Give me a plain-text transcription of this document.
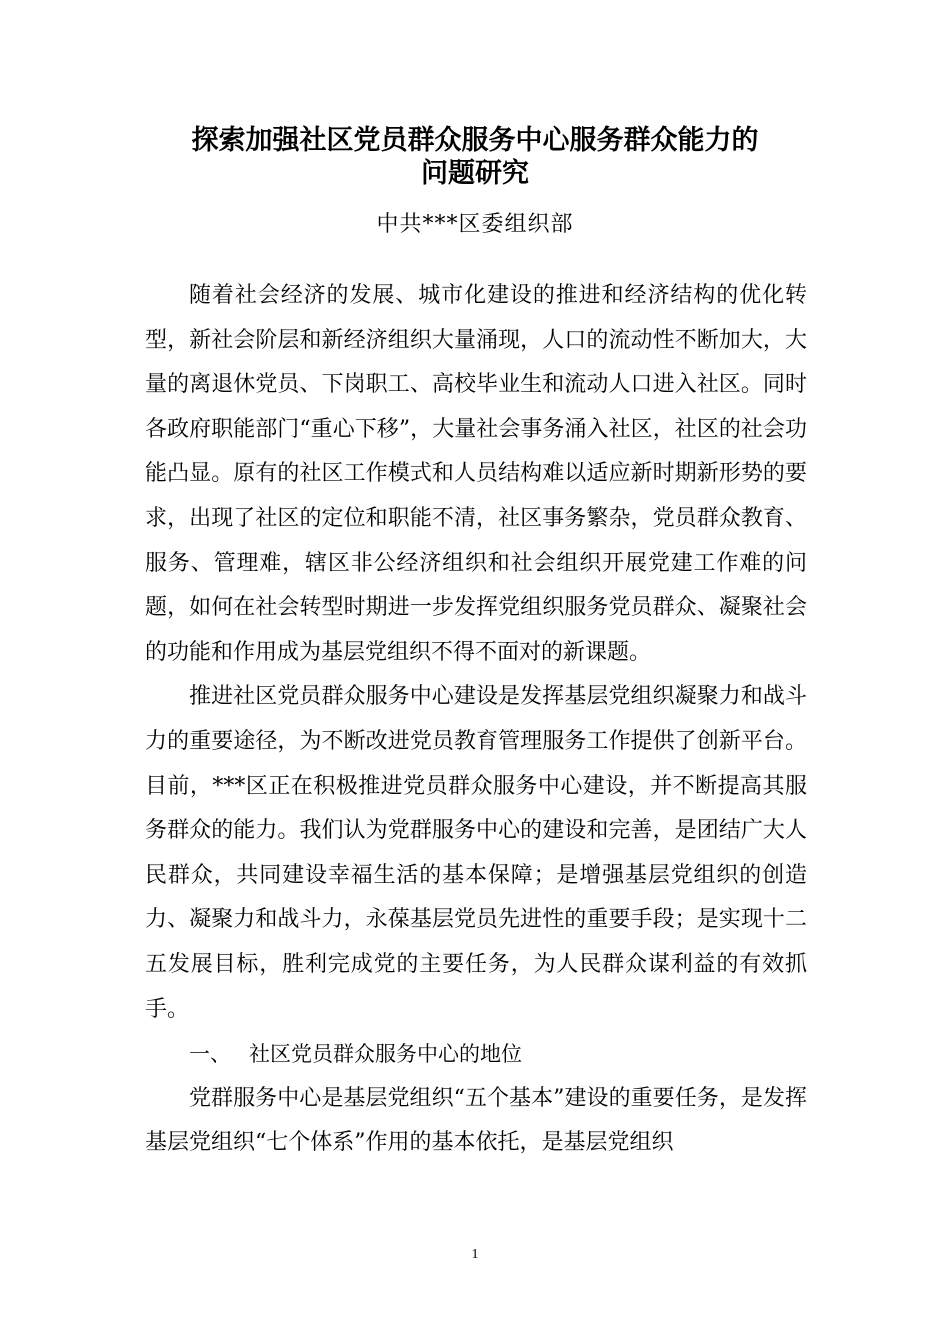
探索加强社区党员群众服务中心服务群众能力的
问题研究
中共***区委组织部

随着社会经济的发展、城市化建设的推进和经济结构的优化转型，新社会阶层和新经济组织大量涌现，人口的流动性不断加大，大量的离退休党员、下岗职工、高校毕业生和流动人口进入社区。同时各政府职能部门“重心下移”，大量社会事务涌入社区，社区的社会功能凸显。原有的社区工作模式和人员结构难以适应新时期新形势的要求，出现了社区的定位和职能不清，社区事务繁杂，党员群众教育、服务、管理难，辖区非公经济组织和社会组织开展党建工作难的问题，如何在社会转型时期进一步发挥党组织服务党员群众、凝聚社会的功能和作用成为基层党组织不得不面对的新课题。

推进社区党员群众服务中心建设是发挥基层党组织凝聚力和战斗力的重要途径，为不断改进党员教育管理服务工作提供了创新平台。目前，***区正在积极推进党员群众服务中心建设，并不断提高其服务群众的能力。我们认为党群服务中心的建设和完善，是团结广大人民群众，共同建设幸福生活的基本保障；是增强基层党组织的创造力、凝聚力和战斗力，永葆基层党员先进性的重要手段；是实现十二五发展目标，胜利完成党的主要任务，为人民群众谋利益的有效抓手。

一、 社区党员群众服务中心的地位

党群服务中心是基层党组织“五个基本”建设的重要任务，是发挥基层党组织“七个体系”作用的基本依托，是基层党组织

1
